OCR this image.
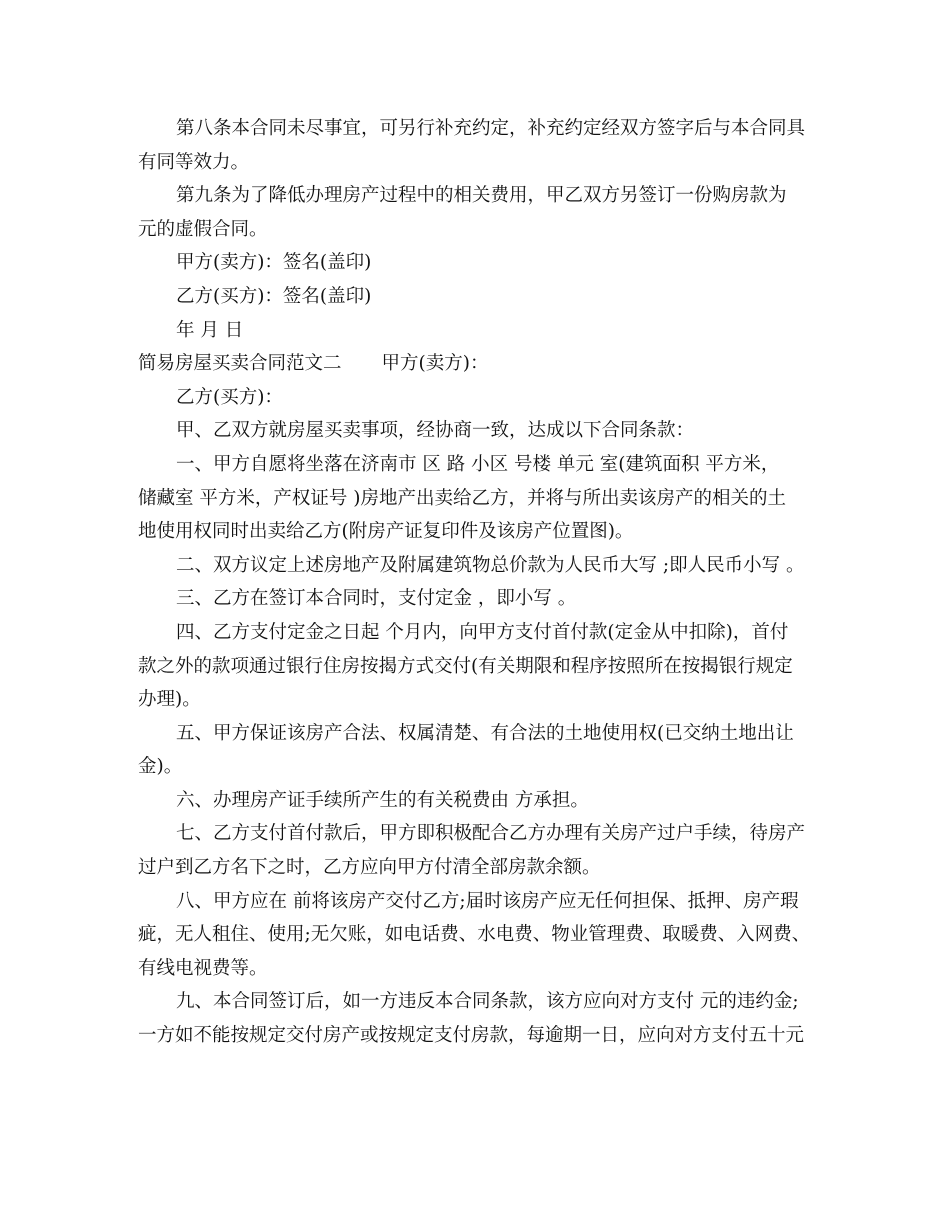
第八条本合同未尽事宜，可另行补充约定，补充约定经双方签字后与本合同具
有同等效力。
第九条为了降低办理房产过程中的相关费用，甲乙双方另签订一份购房款为
元的虚假合同。
甲方(卖方)：签名(盖印)
乙方(买方)：签名(盖印)
年 月 日
简易房屋买卖合同范文二 甲方(卖方)：
乙方(买方)：
甲、乙双方就房屋买卖事项，经协商一致，达成以下合同条款：
一、甲方自愿将坐落在济南市 区 路 小区 号楼 单元 室(建筑面积 平方米，
储藏室 平方米，产权证号 )房地产出卖给乙方，并将与所出卖该房产的相关的土
地使用权同时出卖给乙方(附房产证复印件及该房产位置图)。
二、双方议定上述房地产及附属建筑物总价款为人民币大写 ;即人民币小写 。
三、乙方在签订本合同时，支付定金 ，即小写 。
四、乙方支付定金之日起 个月内，向甲方支付首付款(定金从中扣除)，首付
款之外的款项通过银行住房按揭方式交付(有关期限和程序按照所在按揭银行规定
办理)。
五、甲方保证该房产合法、权属清楚、有合法的土地使用权(已交纳土地出让
金)。
六、办理房产证手续所产生的有关税费由 方承担。
七、乙方支付首付款后，甲方即积极配合乙方办理有关房产过户手续，待房产
过户到乙方名下之时，乙方应向甲方付清全部房款余额。
八、甲方应在 前将该房产交付乙方;届时该房产应无任何担保、抵押、房产瑕
疵，无人租住、使用;无欠账，如电话费、水电费、物业管理费、取暖费、入网费、
有线电视费等。
九、本合同签订后，如一方违反本合同条款，该方应向对方支付 元的违约金;
一方如不能按规定交付房产或按规定支付房款，每逾期一日，应向对方支付五十元
